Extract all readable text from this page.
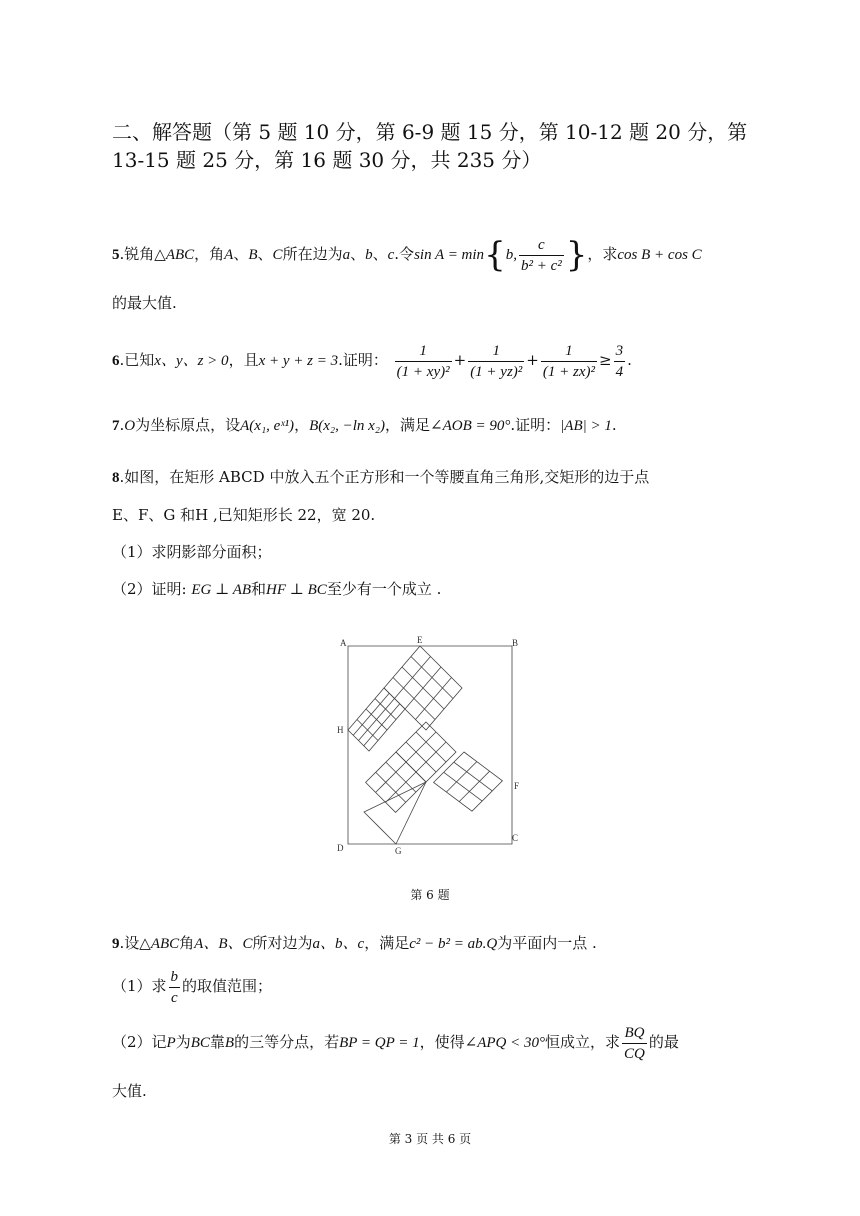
二、解答题（第 5 题 10 分，第 6-9 题 15 分，第 10-12 题 20 分，第 13-15 题 25 分，第 16 题 30 分，共 235 分）
5.锐角△ABC，角A、B、C所在边为a、b、c.令sin A = min{b, $\frac{c}{\text{b² + c²}}$ }，求cos B + cos C
的最大值.
6.已知x、y、z > 0，且x + y + z = 3.证明： $\frac{1}{\text{(1 + xy)²}} + \frac{1}{\text{(1 + yz)²}} + \frac{1}{\text{(1 + zx)²}} \ge \frac{3}{4}$ .
7.O为坐标原点，设A(x₁, eˣ¹)，B(x₂, −ln x₂)，满足∠AOB = 90°.证明：|AB| > 1.
8.如图，在矩形 ABCD 中放入五个正方形和一个等腰直角三角形,交矩形的边于点
E、F、G 和H ,已知矩形长 22，宽 20.
（1）求阴影部分面积；
（2）证明: EG ⊥ AB和HF ⊥ BC至少有一个成立 .
A	E	B
H
F
C
D	G
第 6 题
9.设△ABC角A、B、C所对边为a、b、c，满足c² − b² = ab.Q为平面内一点 .
（1）求 $\frac{b}{c}$ 的取值范围；
（2）记P为BC靠B的三等分点，若BP = QP = 1，使得∠APQ < 30°恒成立，求 $\frac{BQ}{CQ}$ 的最
大值.
第 3 页 共 6 页
